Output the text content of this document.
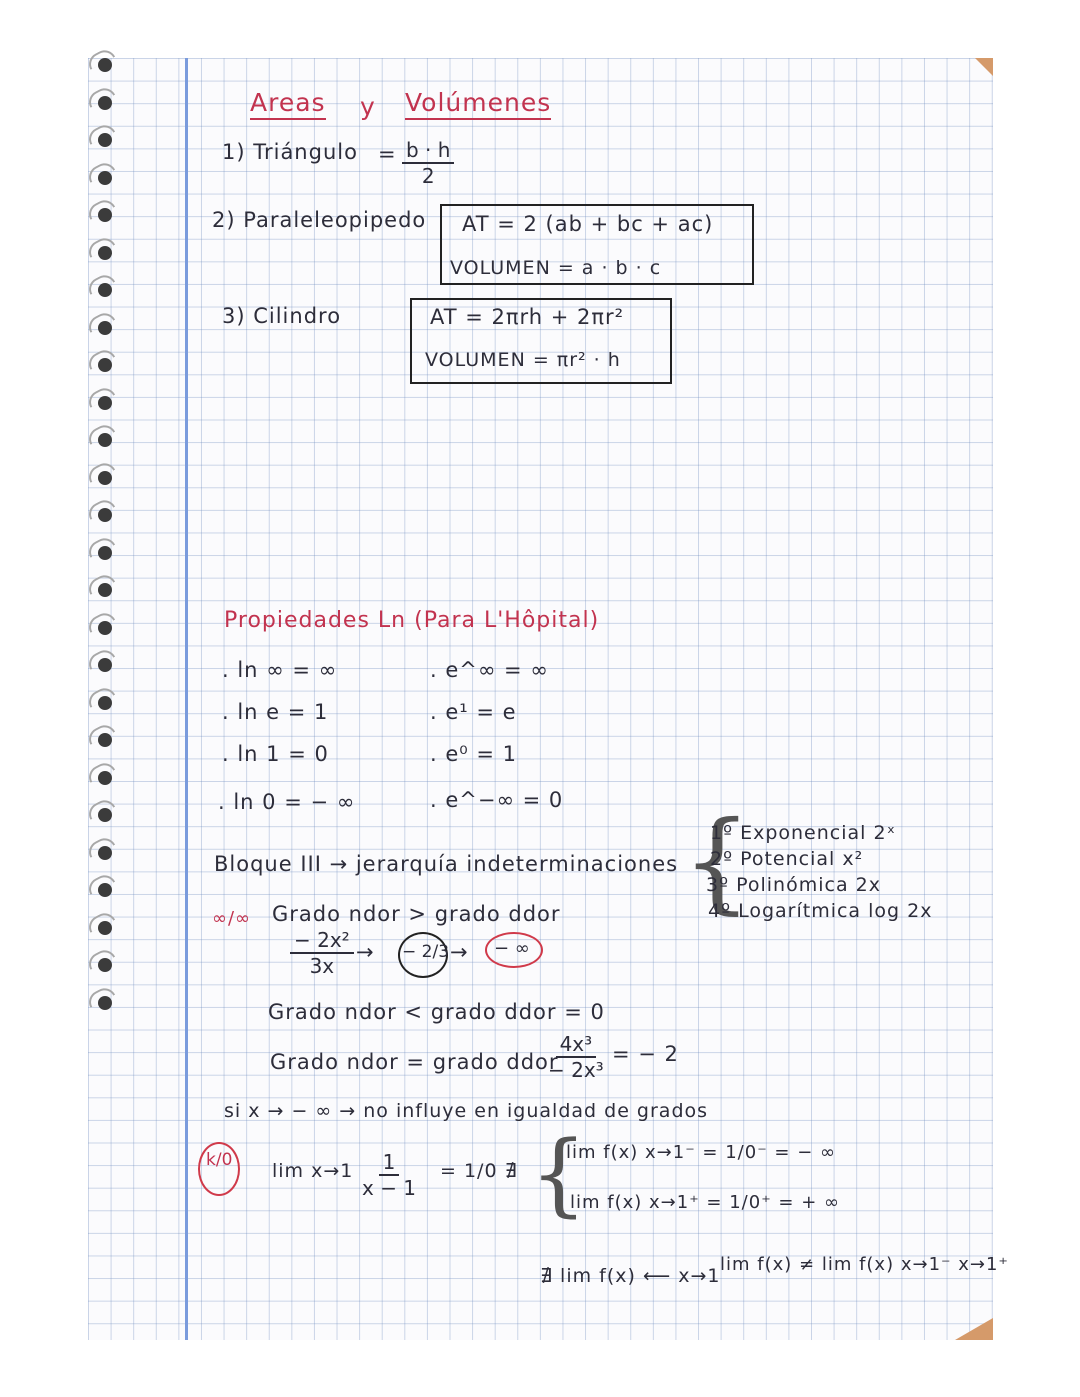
Areas y Volúmenes
1) Triángulo = $\frac{b \cdot h}{2}$
2) Paraleleopipedo AT = 2 (ab + bc + ac)
VOLUMEN = a · b · c
3) Cilindro	AT = 2πrh + 2πr²
VOLUMEN = πr² · h
Propiedades Ln (Para L'Hôpital)
. ln ∞ = ∞
. ln e = 1
. ln 1 = 0
. ln 0 = − ∞
. e^∞ = ∞
. e¹ = e
. e⁰ = 1
. e^−∞ = 0
Bloque III → jerarquía indeterminaciones {
1º Exponencial 2ˣ
2º Potencial x²
3º Polinómica 2x
4º Logarítmica log 2x
∞/∞ Grado ndor > grado ddor
$\frac{\text{− 2x²}}{3x}$ → − 2/3 → − ∞
Grado ndor < grado ddor = 0
Grado ndor = grado ddor
$\frac{\text{4x³}}{\text{− 2x³}}$ = − 2
si x → − ∞ → no influye en igualdad de grados
k/0 $\lim x\to 1 \frac{1}{x - 1} = 1/0$ ∄ {
lim f(x) x→1⁻ = 1/0⁻ = − ∞
lim f(x) x→1⁺ = 1/0⁺ = + ∞
∄ lim f(x) ⟵ x→1
lim f(x) ≠ lim f(x) x→1⁻ x→1⁺
